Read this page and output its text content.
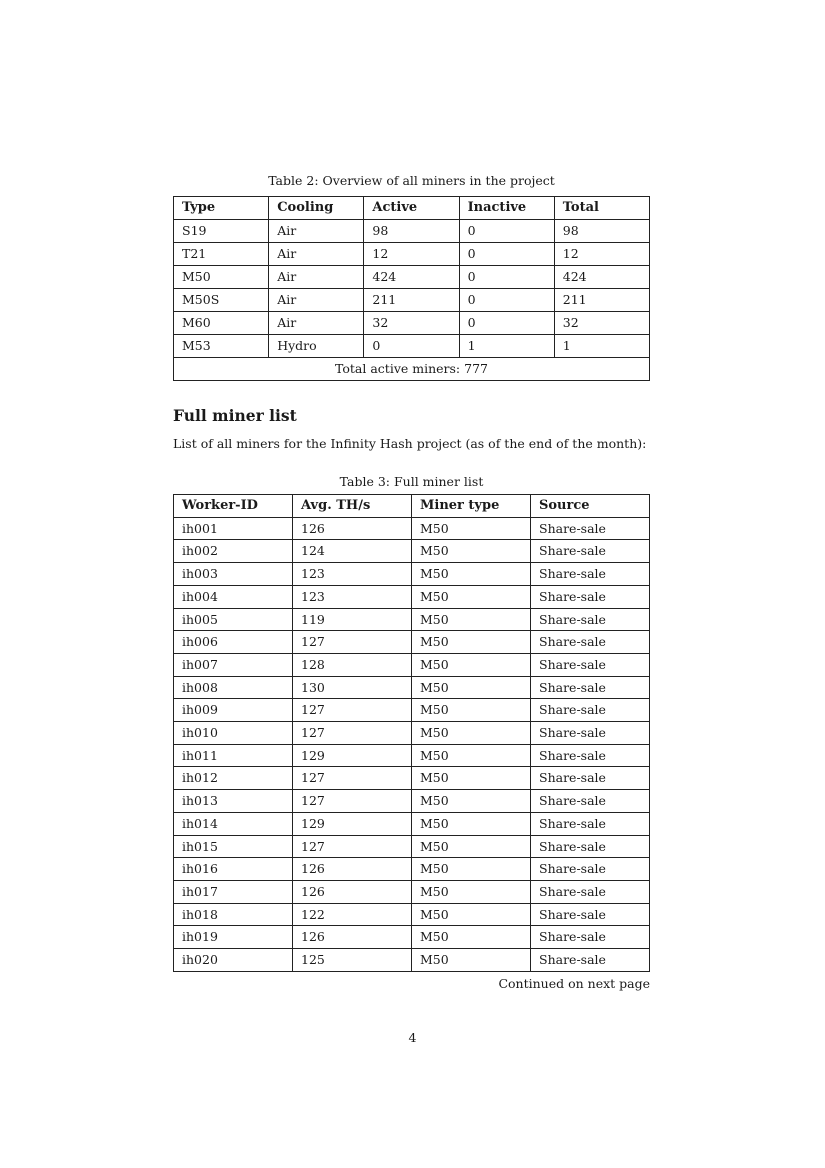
Table 2: Overview of all miners in the project
Type	Cooling	Active	Inactive	Total
S19	Air	98	0	98
T21	Air	12	0	12
M50	Air	424	0	424
M50S	Air	211	0	211
M60	Air	32	0	32
M53	Hydro	0	1	1
Total active miners: 777				
Full miner list

List of all miners for the Infinity Hash project (as of the end of the month):

Table 3: Full miner list
Worker-ID	Avg. TH/s	Miner type	Source
ih001	126	M50	Share-sale
ih002	124	M50	Share-sale
ih003	123	M50	Share-sale
ih004	123	M50	Share-sale
ih005	119	M50	Share-sale
ih006	127	M50	Share-sale
ih007	128	M50	Share-sale
ih008	130	M50	Share-sale
ih009	127	M50	Share-sale
ih010	127	M50	Share-sale
ih011	129	M50	Share-sale
ih012	127	M50	Share-sale
ih013	127	M50	Share-sale
ih014	129	M50	Share-sale
ih015	127	M50	Share-sale
ih016	126	M50	Share-sale
ih017	126	M50	Share-sale
ih018	122	M50	Share-sale
ih019	126	M50	Share-sale
ih020	125	M50	Share-sale
Continued on next page
4
